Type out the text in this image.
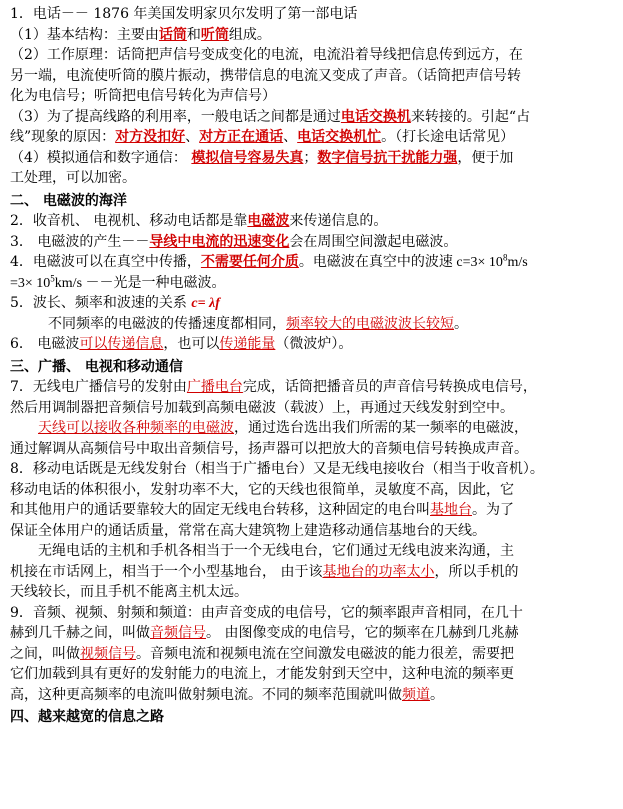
1．电话－－ 1876 年美国发明家贝尔发明了第一部电话
（1）基本结构：主要由话筒和听筒组成。
（2）工作原理：话筒把声信号变成变化的电流，电流沿着导线把信息传到远方，在
另一端，电流使听筒的膜片振动，携带信息的电流又变成了声音。（话筒把声信号转
化为电信号；听筒把电信号转化为声信号）
（3）为了提高线路的利用率，一般电话之间都是通过电话交换机来转接的。引起“占
线”现象的原因：对方没扣好、对方正在通话、电话交换机忙。（打长途电话常见）
（4）模拟通信和数字通信： 模拟信号容易失真；数字信号抗干扰能力强，便于加
工处理，可以加密。
二、 电磁波的海洋
2．收音机、 电视机、移动电话都是靠电磁波来传递信息的。
3． 电磁波的产生－－导线中电流的迅速变化会在周围空间激起电磁波。
4．电磁波可以在真空中传播，不需要任何介质。电磁波在真空中的波速 $c=3\times 10^8m/s$
$=3\times 10^5km/s$ －－光是一种电磁波。
5．波长、频率和波速的关系 c= λf
不同频率的电磁波的传播速度都相同，频率较大的电磁波波长较短。
6． 电磁波可以传递信息，也可以传递能量（微波炉）。
三、广播、 电视和移动通信
7．无线电广播信号的发射由广播电台完成，话筒把播音员的声音信号转换成电信号，
然后用调制器把音频信号加载到高频电磁波（载波）上，再通过天线发射到空中。
天线可以接收各种频率的电磁波，通过选台选出我们所需的某一频率的电磁波，
通过解调从高频信号中取出音频信号，扬声器可以把放大的音频电信号转换成声音。
8．移动电话既是无线发射台（相当于广播电台）又是无线电接收台（相当于收音机）。
移动电话的体积很小，发射功率不大，它的天线也很简单，灵敏度不高，因此，它
和其他用户的通话要靠较大的固定无线电台转移，这种固定的电台叫基地台。为了
保证全体用户的通话质量，常常在高大建筑物上建造移动通信基地台的天线。
无绳电话的主机和手机各相当于一个无线电台，它们通过无线电波来沟通，主
机接在市话网上，相当于一个小型基地台， 由于该基地台的功率太小，所以手机的
天线较长，而且手机不能离主机太远。
9．音频、视频、射频和频道：由声音变成的电信号，它的频率跟声音相同，在几十
赫到几千赫之间，叫做音频信号。 由图像变成的电信号，它的频率在几赫到几兆赫
之间，叫做视频信号。音频电流和视频电流在空间激发电磁波的能力很差，需要把
它们加载到具有更好的发射能力的电流上，才能发射到天空中，这种电流的频率更
高，这种更高频率的电流叫做射频电流。不同的频率范围就叫做频道。
四、越来越宽的信息之路
